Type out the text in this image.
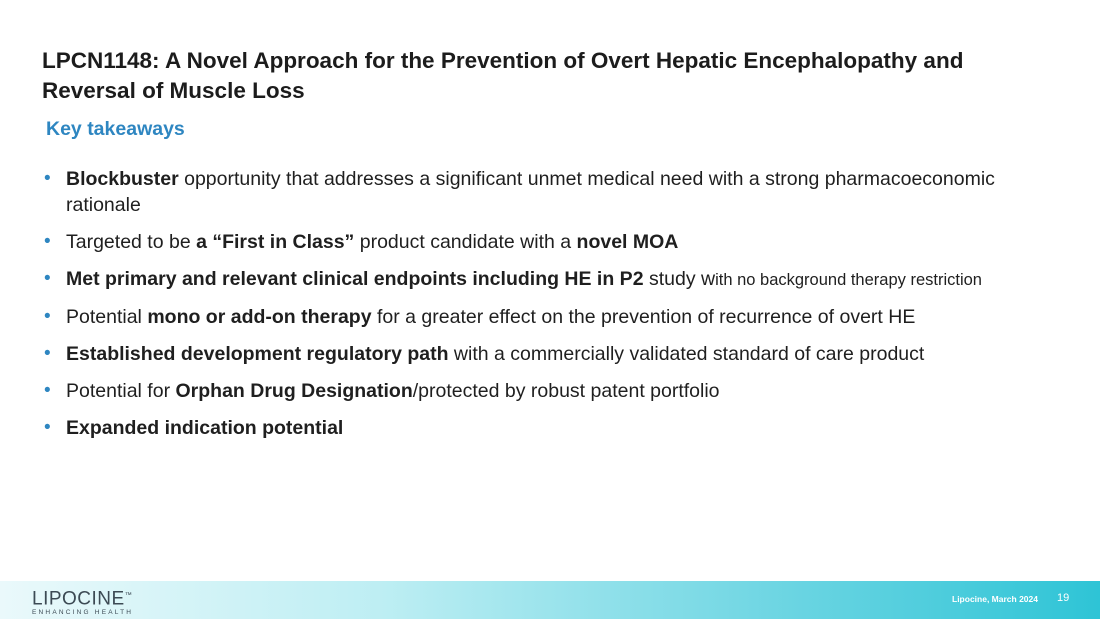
LPCN1148: A Novel Approach for the Prevention of Overt Hepatic Encephalopathy and Reversal of Muscle Loss
Key takeaways
• Blockbuster opportunity that addresses a significant unmet medical need with a strong pharmacoeconomic rationale
• Targeted to be a “First in Class” product candidate with a novel MOA
• Met primary and relevant clinical endpoints including HE in P2 study with no background therapy restriction
• Potential mono or add-on therapy for a greater effect on the prevention of recurrence of overt HE
• Established development regulatory path with a commercially validated standard of care product
• Potential for Orphan Drug Designation/protected by robust patent portfolio
• Expanded indication potential
LIPOCINE™
ENHANCING HEALTH
Lipocine, March 2024 19
